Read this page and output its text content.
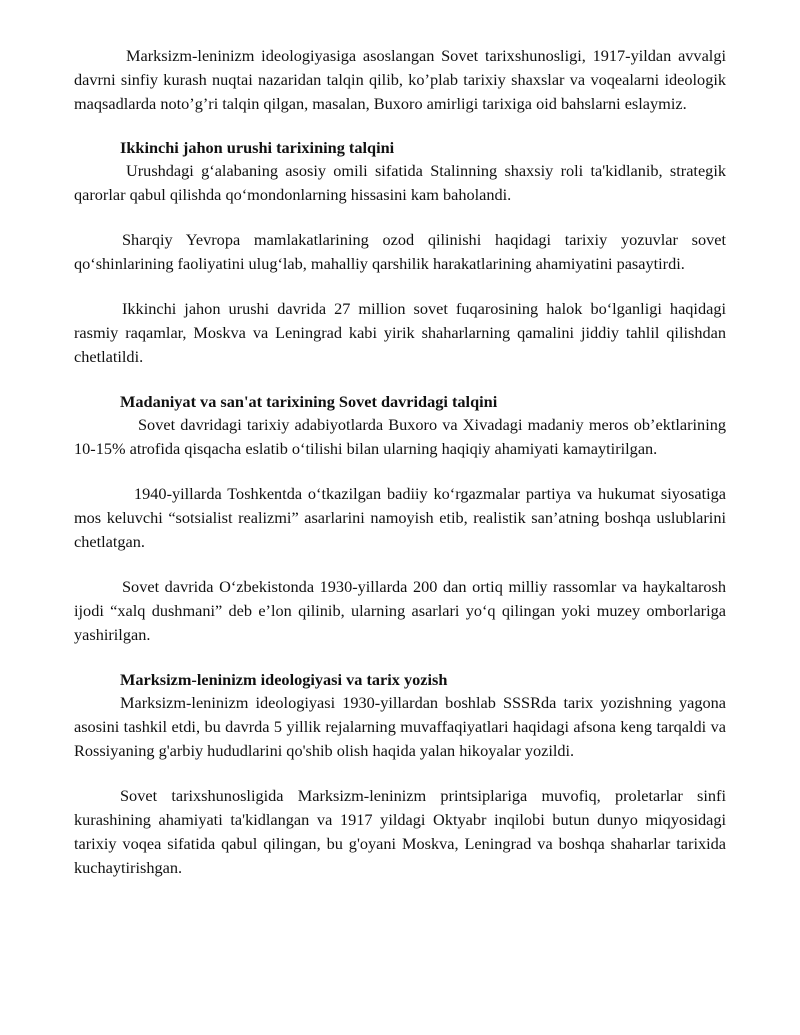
Marksizm-leninizm ideologiyasiga asoslangan Sovet tarixshunosligi, 1917-yildan avvalgi davrni sinfiy kurash nuqtai nazaridan talqin qilib, ko’plab tarixiy shaxslar va voqealarni ideologik maqsadlarda noto’g’ri talqin qilgan, masalan, Buxoro amirligi tarixiga oid bahslarni eslaymiz.

Ikkinchi jahon urushi tarixining talqini

Urushdagi g‘alabaning asosiy omili sifatida Stalinning shaxsiy roli ta'kidlanib, strategik qarorlar qabul qilishda qo‘mondonlarning hissasini kam baholandi.

Sharqiy Yevropa mamlakatlarining ozod qilinishi haqidagi tarixiy yozuvlar sovet qo‘shinlarining faoliyatini ulug‘lab, mahalliy qarshilik harakatlarining ahamiyatini pasaytirdi.

Ikkinchi jahon urushi davrida 27 million sovet fuqarosining halok bo‘lganligi haqidagi rasmiy raqamlar, Moskva va Leningrad kabi yirik shaharlarning qamalini jiddiy tahlil qilishdan chetlatildi.

Madaniyat va san'at tarixining Sovet davridagi talqini

Sovet davridagi tarixiy adabiyotlarda Buxoro va Xivadagi madaniy meros ob’ektlarining 10-15% atrofida qisqacha eslatib o‘tilishi bilan ularning haqiqiy ahamiyati kamaytirilgan.

1940-yillarda Toshkentda o‘tkazilgan badiiy ko‘rgazmalar partiya va hukumat siyosatiga mos keluvchi “sotsialist realizmi” asarlarini namoyish etib, realistik san’atning boshqa uslublarini chetlatgan.

Sovet davrida O‘zbekistonda 1930-yillarda 200 dan ortiq milliy rassomlar va haykaltarosh ijodi “xalq dushmani” deb e’lon qilinib, ularning asarlari yo‘q qilingan yoki muzey omborlariga yashirilgan.

Marksizm-leninizm ideologiyasi va tarix yozish

Marksizm-leninizm ideologiyasi 1930-yillardan boshlab SSSRda tarix yozishning yagona asosini tashkil etdi, bu davrda 5 yillik rejalarning muvaffaqiyatlari haqidagi afsona keng tarqaldi va Rossiyaning g'arbiy hududlarini qo'shib olish haqida yalan hikoyalar yozildi.

Sovet tarixshunosligida Marksizm-leninizm printsiplariga muvofiq, proletarlar sinfi kurashining ahamiyati ta'kidlangan va 1917 yildagi Oktyabr inqilobi butun dunyo miqyosidagi tarixiy voqea sifatida qabul qilingan, bu g'oyani Moskva, Leningrad va boshqa shaharlar tarixida kuchaytirishgan.
